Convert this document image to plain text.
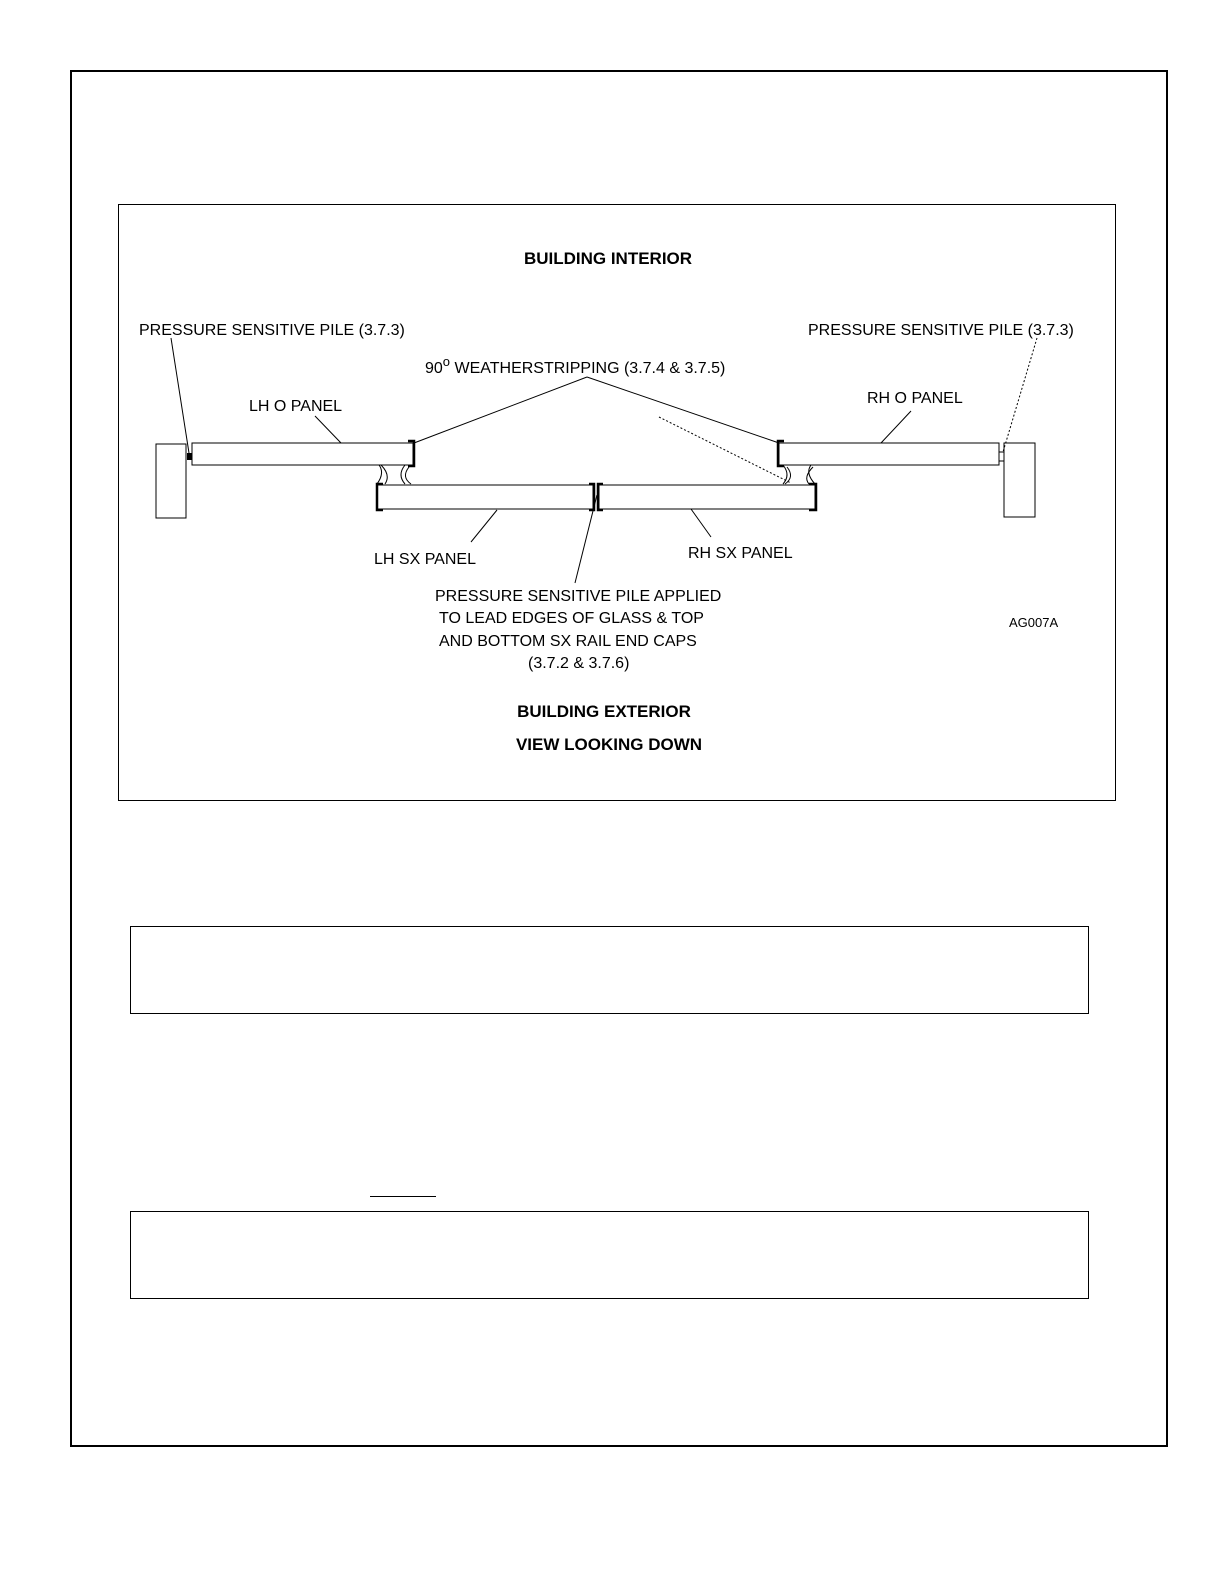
BUILDING INTERIOR
PRESSURE SENSITIVE PILE (3.7.3)	PRESSURE SENSITIVE PILE (3.7.3)
90$^o$ WEATHERSTRIPPING (3.7.4 & 3.7.5)
LH O PANEL	RH O PANEL
LH SX PANEL	RH SX PANEL
PRESSURE SENSITIVE PILE APPLIED
TO LEAD EDGES OF GLASS & TOP
AND BOTTOM SX RAIL END CAPS
(3.7.2 & 3.7.6)
AG007A
BUILDING EXTERIOR
VIEW LOOKING DOWN
